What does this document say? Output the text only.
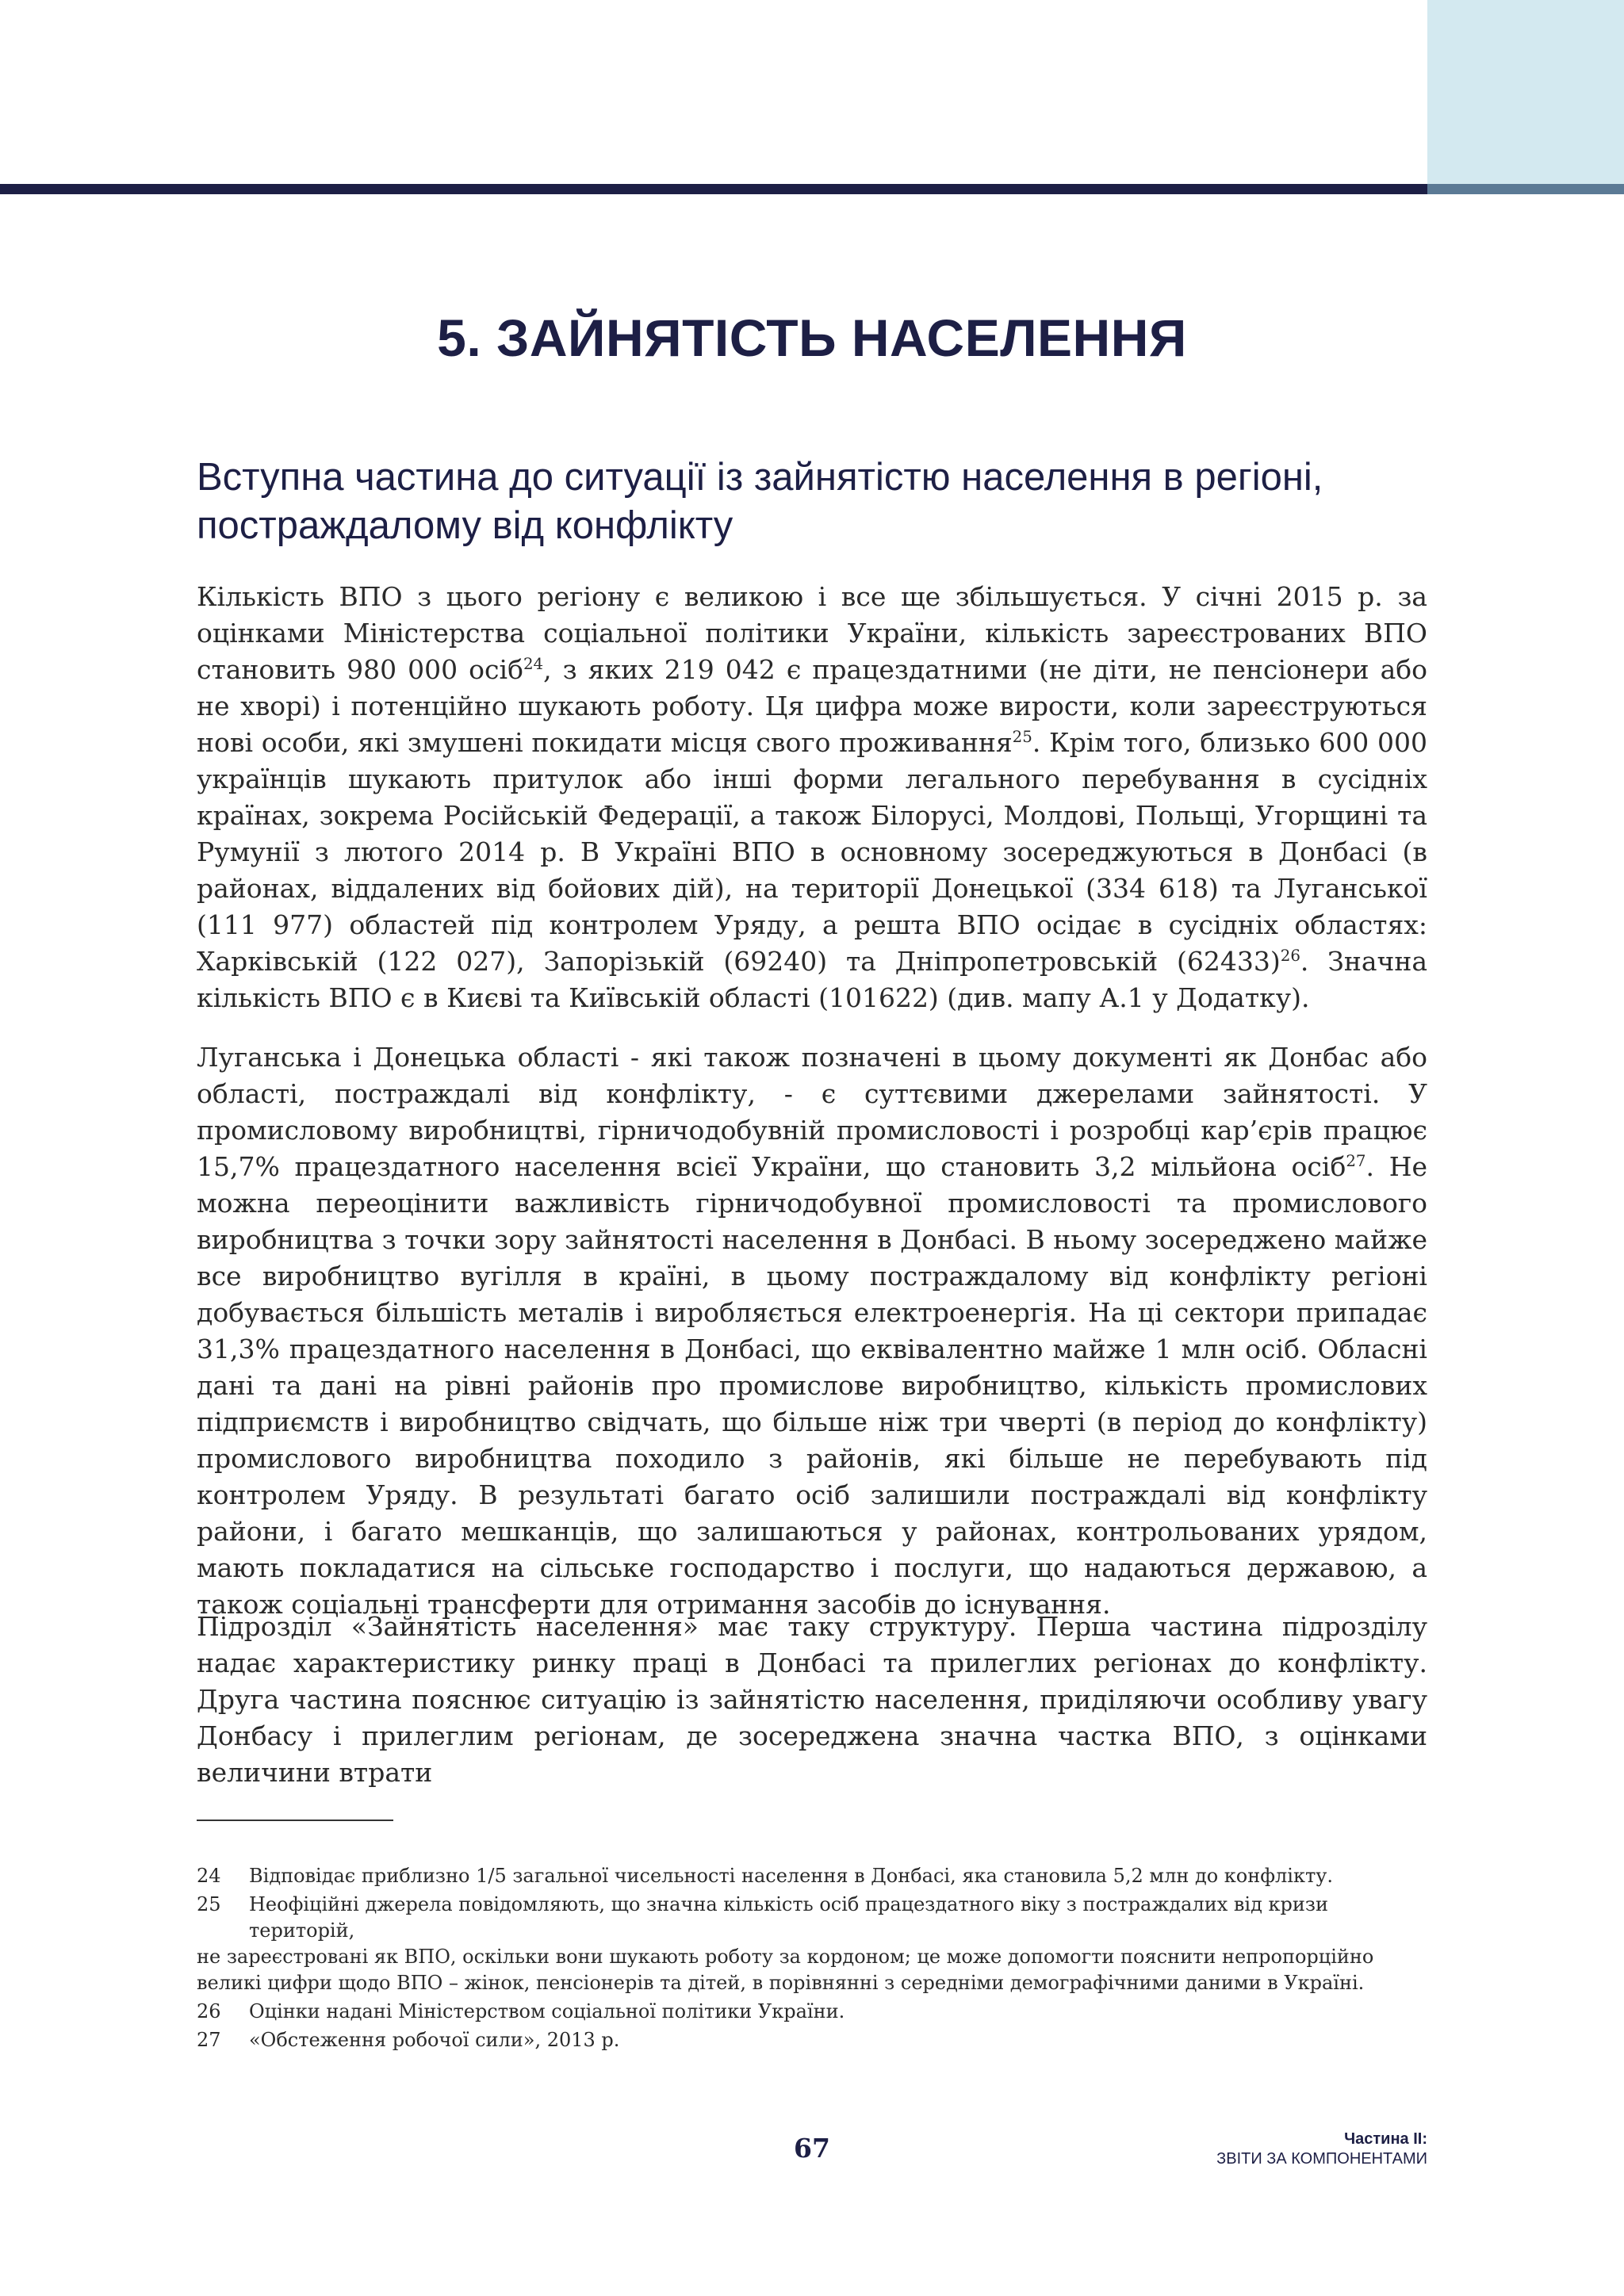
5. ЗАЙНЯТІСТЬ НАСЕЛЕННЯ
Вступна частина до ситуації із зайнятістю населення в регіоні, постраждалому від конфлікту

Кількість ВПО з цього регіону є великою і все ще збільшується. У січні 2015 р. за оцінками Міністерства соціальної політики України, кількість зареєстрованих ВПО становить 980 000 осіб$^{24}$, з яких 219 042 є працездатними (не діти, не пенсіонери або не хворі) і потенційно шукають роботу. Ця цифра може вирости, коли зареєструються нові особи, які змушені покидати місця свого проживання$^{25}$. Крім того, близько 600 000 українців шукають притулок або інші форми легального перебування в сусідніх країнах, зокрема Російській Федерації, а також Білорусі, Молдові, Польщі, Угорщині та Румунії з лютого 2014 р. В Україні ВПО в основному зосереджуються в Донбасі (в районах, віддалених від бойових дій), на території Донецької (334 618) та Луганської (111 977) областей під контролем Уряду, а решта ВПО осідає в сусідніх областях: Харківській (122 027), Запорізькій (69240) та Дніпропетровській $(62433)^{26}$. Значна кількість ВПО є в Києві та Київській області (101622) (див. мапу А.1 у Додатку).

Луганська і Донецька області - які також позначені в цьому документі як Донбас або області, постраждалі від конфлікту, - є суттєвими джерелами зайнятості. У промисловому виробництві, гірничодобувній промисловості і розробці кар’єрів працює 15,7% працездатного населення всієї України, що становить 3,2 мільйона осіб$^{27}$. Не можна переоцінити важливість гірничодобувної промисловості та промислового виробництва з точки зору зайнятості населення в Донбасі. В ньому зосереджено майже все виробництво вугілля в країні, в цьому постраждалому від конфлікту регіоні добувається більшість металів і виробляється електроенергія. На ці сектори припадає 31,3% працездатного населення в Донбасі, що еквівалентно майже 1 млн осіб. Обласні дані та дані на рівні районів про промислове виробництво, кількість промислових підприємств і виробництво свідчать, що більше ніж три чверті (в період до конфлікту) промислового виробництва походило з районів, які більше не перебувають під контролем Уряду. В результаті багато осіб залишили постраждалі від конфлікту райони, і багато мешканців, що залишаються у районах, контрольованих урядом, мають покладатися на сільське господарство і послуги, що надаються державою, а також соціальні трансферти для отримання засобів до існування.

Підрозділ «Зайнятість населення» має таку структуру. Перша частина підрозділу надає характеристику ринку праці в Донбасі та прилеглих регіонах до конфлікту. Друга частина пояснює ситуацію із зайнятістю населення, приділяючи особливу увагу Донбасу і прилеглим регіонам, де зосереджена значна частка ВПО, з оцінками величини втрати

24	Відповідає приблизно 1/5 загальної чисельності населення в Донбасі, яка становила 5,2 млн до конфлікту.
25	Неофіційні джерела повідомляють, що значна кількість осіб працездатного віку з постраждалих від кризи територій,

не зареєстровані як ВПО, оскільки вони шукають роботу за кордоном; це може допомогти пояснити непропорційно великі цифри щодо ВПО – жінок, пенсіонерів та дітей, в порівнянні з середніми демографічними даними в Україні.

26	Оцінки надані Міністерством соціальної політики України.
27	«Обстеження робочої сили», 2013 р.
67	Частина II:
ЗВІТИ ЗА КОМПОНЕНТАМИ
